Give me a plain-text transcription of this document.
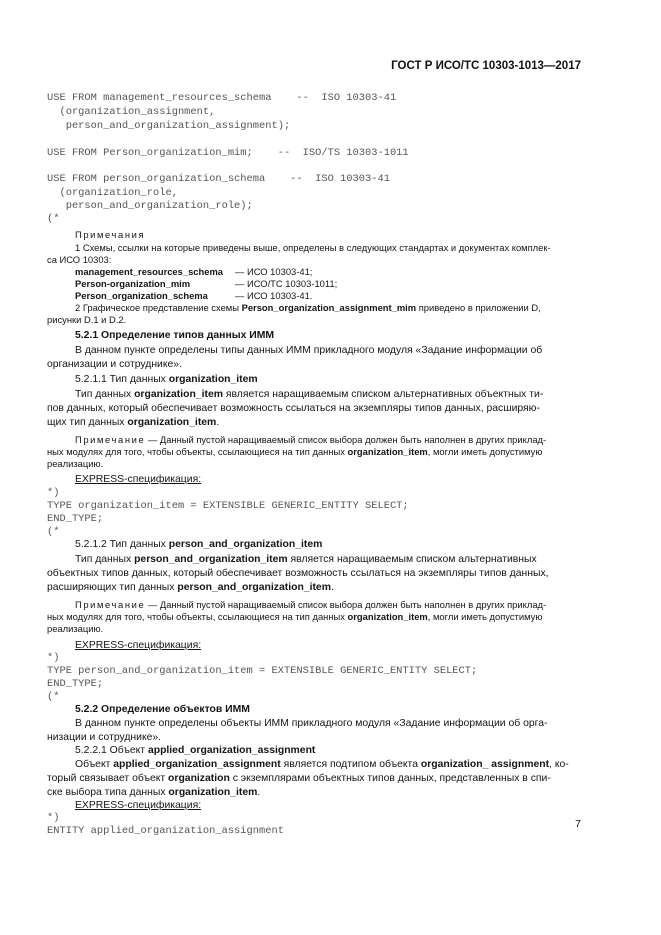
ГОСТ Р ИСО/ТС 10303-1013—2017
USE FROM management_resources_schema    --  ISO 10303-41
(organization_assignment,
person_and_organization_assignment);
USE FROM Person_organization_mim;    --  ISO/TS 10303-1011
USE FROM person_organization_schema    --  ISO 10303-41
(organization_role,
person_and_organization_role);
(*
Примечания
1 Схемы, ссылки на которые приведены выше, определены в следующих стандартах и документах комплек-
са ИСО 10303:
management_resources_schema — ИСО 10303-41;
Person-organization_mim	— ИСО/ТС 10303-1011;
Person_organization_schema	— ИСО 10303-41.
2 Графическое представление схемы Person_organization_assignment_mim приведено в приложении D,
рисунки D.1 и D.2.
5.2.1 Определение типов данных ИММ
В данном пункте определены типы данных ИММ прикладного модуля «Задание информации об
организации и сотруднике».
5.2.1.1 Тип данных organization_item
Тип данных organization_item является наращиваемым списком альтернативных объектных ти-
пов данных, который обеспечивает возможность ссылаться на экземпляры типов данных, расширяю-
щих тип данных organization_item.
Примечание — Данный пустой наращиваемый список выбора должен быть наполнен в других приклад-
ных модулях для того, чтобы объекты, ссылающиеся на тип данных organization_item, могли иметь допустимую
реализацию.
EXPRESS-спецификация:
*)
TYPE organization_item = EXTENSIBLE GENERIC_ENTITY SELECT;
END_TYPE;
(*
5.2.1.2 Тип данных person_and_organization_item
Тип данных person_and_organization_item является наращиваемым списком альтернативных
объектных типов данных, который обеспечивает возможность ссылаться на экземпляры типов данных,
расширяющих тип данных person_and_organization_item.
Примечание — Данный пустой наращиваемый список выбора должен быть наполнен в других приклад-
ных модулях для того, чтобы объекты, ссылающиеся на тип данных organization_item, могли иметь допустимую
реализацию.
EXPRESS-спецификация:
*)
TYPE person_and_organization_item = EXTENSIBLE GENERIC_ENTITY SELECT;
END_TYPE;
(*
5.2.2 Определение объектов ИММ
В данном пункте определены объекты ИММ прикладного модуля «Задание информации об орга-
низации и сотруднике».
5.2.2.1 Объект applied_organization_assignment
Объект applied_organization_assignment является подтипом объекта organization_ assignment, ко-
торый связывает объект organization с экземплярами объектных типов данных, представленных в спи-
ске выбора типа данных organization_item.
EXPRESS-спецификация:
*)
ENTITY applied_organization_assignment
7
